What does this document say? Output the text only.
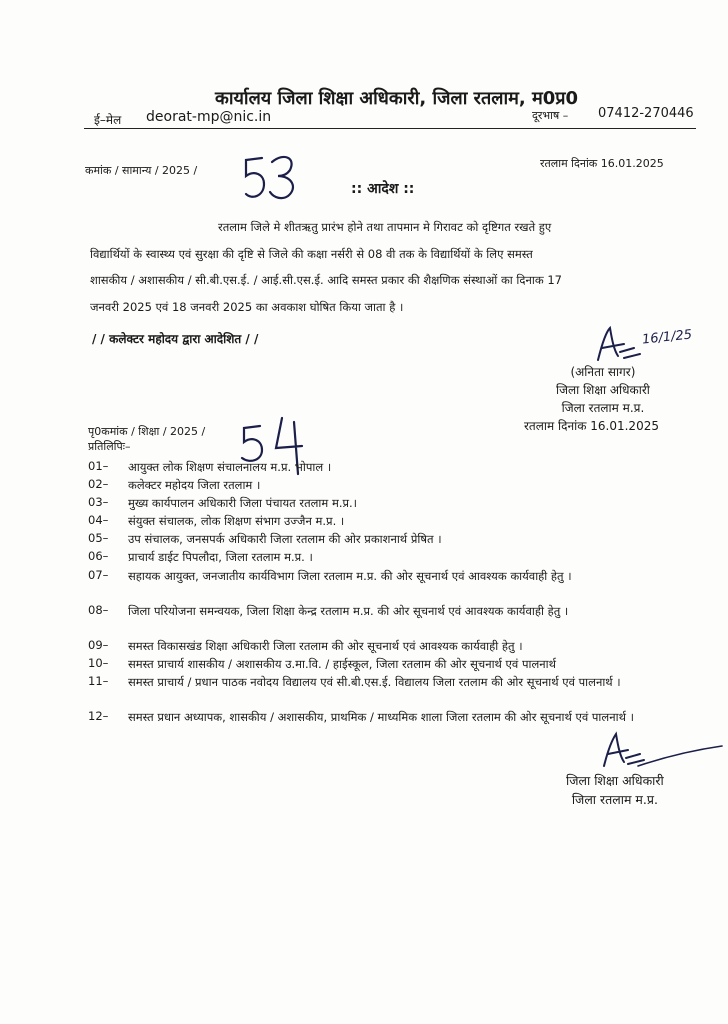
कार्यालय जिला शिक्षा अधिकारी, जिला रतलाम, म0प्र0
ई–मेल deorat-mp@nic.in	दूरभाष – 07412-270446
कमांक / सामान्य / 2025 /
रतलाम दिनांक 16.01.2025
:: आदेश ::
रतलाम जिले मे शीतऋतु प्रारंभ होने तथा तापमान मे गिरावट को दृष्टिगत रखते हुए
विद्यार्थियों के स्वास्थ्य एवं सुरक्षा की दृष्टि से जिले की कक्षा नर्सरी से 08 वी तक के विद्यार्थियों के लिए समस्त
शासकीय / अशासकीय / सी.बी.एस.ई. / आई.सी.एस.ई. आदि समस्त प्रकार की शैक्षणिक संस्थाओं का दिनाक 17
जनवरी 2025 एवं 18 जनवरी 2025 का अवकाश घोषित किया जाता है ।
/ / कलेक्टर महोदय द्वारा आदेशित / /	16/1/25
(अनिता सागर)
जिला शिक्षा अधिकारी
जिला रतलाम म.प्र.
पृ0कमांक / शिक्षा / 2025 /	रतलाम दिनांक 16.01.2025
प्रतिलिपिः–
01– आयुक्त लोक शिक्षण संचालनालय म.प्र. भोपाल ।
02– कलेक्टर महोदय जिला रतलाम ।
03– मुख्य कार्यपालन अधिकारी जिला पंचायत रतलाम म.प्र.।
04– संयुक्त संचालक, लोक शिक्षण संभाग उज्जैन म.प्र. ।
05– उप संचालक, जनसपर्क अधिकारी जिला रतलाम की ओर प्रकाशनार्थ प्रेषित ।
06– प्राचार्य डाईट पिपलौदा, जिला रतलाम म.प्र. ।
07– सहायक आयुक्त, जनजातीय कार्यविभाग जिला रतलाम म.प्र. की ओर सूचनार्थ एवं आवश्यक कार्यवाही हेतु ।
08– जिला परियोजना समन्वयक, जिला शिक्षा केन्द्र रतलाम म.प्र. की ओर सूचनार्थ एवं आवश्यक कार्यवाही हेतु ।
09– समस्त विकासखंड शिक्षा अधिकारी जिला रतलाम की ओर सूचनार्थ एवं आवश्यक कार्यवाही हेतु ।
10– समस्त प्राचार्य शासकीय / अशासकीय उ.मा.वि. / हाईस्कूल, जिला रतलाम की ओर सूचनार्थ एवं पालनार्थ
11– समस्त प्राचार्य / प्रधान पाठक नवोदय विद्यालय एवं सी.बी.एस.ई. विद्यालय जिला रतलाम की ओर सूचनार्थ एवं पालनार्थ ।
12– समस्त प्रधान अध्यापक, शासकीय / अशासकीय, प्राथमिक / माध्यमिक शाला जिला रतलाम की ओर सूचनार्थ एवं पालनार्थ ।
जिला शिक्षा अधिकारी
जिला रतलाम म.प्र.
